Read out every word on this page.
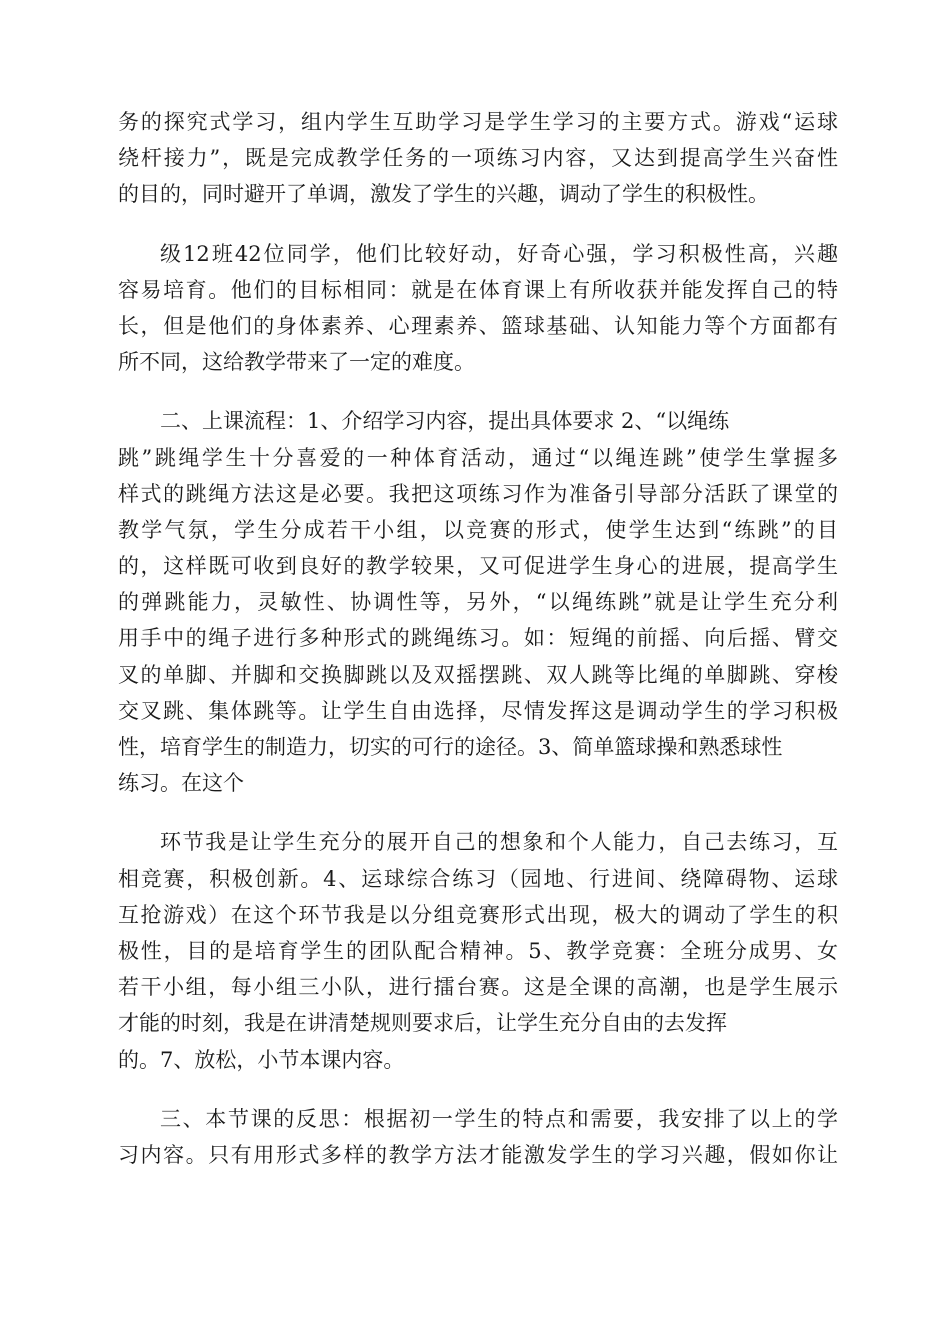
务的探究式学习，组内学生互助学习是学生学习的主要方式。游戏“运球
绕杆接力”，既是完成教学任务的一项练习内容，又达到提高学生兴奋性
的目的，同时避开了单调，激发了学生的兴趣，调动了学生的积极性。
级12班42位同学，他们比较好动，好奇心强，学习积极性高，兴趣
容易培育。他们的目标相同：就是在体育课上有所收获并能发挥自己的特
长，但是他们的身体素养、心理素养、篮球基础、认知能力等个方面都有
所不同，这给教学带来了一定的难度。
二、上课流程：1、介绍学习内容，提出具体要求 2、“以绳练
跳”跳绳学生十分喜爱的一种体育活动，通过“以绳连跳”使学生掌握多
样式的跳绳方法这是必要。我把这项练习作为准备引导部分活跃了课堂的
教学气氛，学生分成若干小组，以竞赛的形式，使学生达到“练跳”的目
的，这样既可收到良好的教学较果，又可促进学生身心的进展，提高学生
的弹跳能力，灵敏性、协调性等，另外，“以绳练跳”就是让学生充分利
用手中的绳子进行多种形式的跳绳练习。如：短绳的前摇、向后摇、臂交
叉的单脚、并脚和交换脚跳以及双摇摆跳、双人跳等比绳的单脚跳、穿梭
交叉跳、集体跳等。让学生自由选择，尽情发挥这是调动学生的学习积极
性，培育学生的制造力，切实的可行的途径。3、简单篮球操和熟悉球性
练习。在这个
环节我是让学生充分的展开自己的想象和个人能力，自己去练习，互
相竞赛，积极创新。4、运球综合练习（园地、行进间、绕障碍物、运球
互抢游戏）在这个环节我是以分组竞赛形式出现，极大的调动了学生的积
极性，目的是培育学生的团队配合精神。5、教学竞赛：全班分成男、女
若干小组，每小组三小队，进行擂台赛。这是全课的高潮，也是学生展示
才能的时刻，我是在讲清楚规则要求后，让学生充分自由的去发挥
的。7、放松，小节本课内容。
三、本节课的反思：根据初一学生的特点和需要，我安排了以上的学
习内容。只有用形式多样的教学方法才能激发学生的学习兴趣，假如你让
